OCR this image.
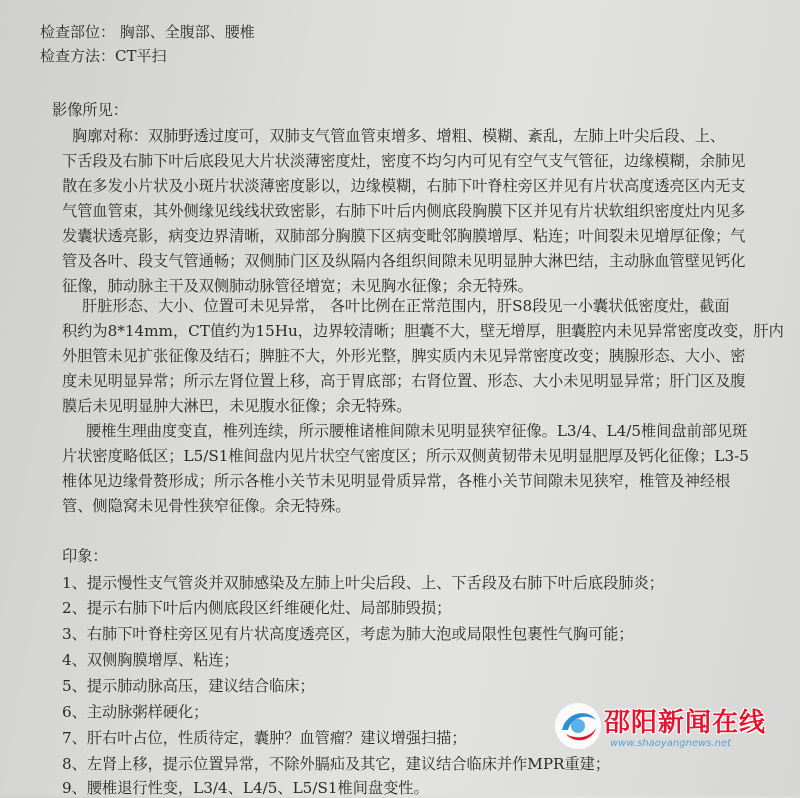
检查部位： 胸部、全腹部、腰椎
检查方法：CT平扫
影像所见：
胸廓对称：双肺野透过度可，双肺支气管血管束增多、增粗、模糊、紊乱，左肺上叶尖后段、上、
下舌段及右肺下叶后底段见大片状淡薄密度灶，密度不均匀内可见有空气支气管征，边缘模糊，余肺见
散在多发小片状及小斑片状淡薄密度影以，边缘模糊，右肺下叶脊柱旁区并见有片状高度透亮区内无支
气管血管束，其外侧缘见线线状致密影，右肺下叶后内侧底段胸膜下区并见有片状软组织密度灶内见多
发囊状透亮影，病变边界清晰，双肺部分胸膜下区病变毗邻胸膜增厚、粘连；叶间裂未见增厚征像；气
管及各叶、段支气管通畅；双侧肺门区及纵隔内各组织间隙未见明显肿大淋巴结，主动脉血管壁见钙化
征像，肺动脉主干及双侧肺动脉管径增宽；未见胸水征像；余无特殊。
肝脏形态、大小、位置可未见异常， 各叶比例在正常范围内，肝S8段见一小囊状低密度灶，截面
积约为8*14mm，CT值约为15Hu，边界较清晰；胆囊不大，壁无增厚，胆囊腔内未见异常密度改变，肝内
外胆管未见扩张征像及结石；脾脏不大，外形光整，脾实质内未见异常密度改变；胰腺形态、大小、密
度未见明显异常；所示左肾位置上移，高于胃底部；右肾位置、形态、大小未见明显异常；肝门区及腹
膜后未见明显肿大淋巴，未见腹水征像；余无特殊。
腰椎生理曲度变直，椎列连续，所示腰椎诸椎间隙未见明显狭窄征像。L3/4、L4/5椎间盘前部见斑
片状密度略低区；L5/S1椎间盘内见片状空气密度区；所示双侧黄韧带未见明显肥厚及钙化征像；L3-5
椎体见边缘骨赘形成；所示各椎小关节未见明显骨质异常，各椎小关节间隙未见狭窄，椎管及神经根
管、侧隐窝未见骨性狭窄征像。余无特殊。
印象：
1、提示慢性支气管炎并双肺感染及左肺上叶尖后段、上、下舌段及右肺下叶后底段肺炎；
2、提示右肺下叶后内侧底段区纤维硬化灶、局部肺毁损；
3、右肺下叶脊柱旁区见有片状高度透亮区，考虑为肺大泡或局限性包裹性气胸可能；
4、双侧胸膜增厚、粘连；
5、提示肺动脉高压，建议结合临床；
6、主动脉粥样硬化；
7、肝右叶占位，性质待定，囊肿？血管瘤？建议增强扫描；
8、左肾上移，提示位置异常，不除外膈疝及其它，建议结合临床并作MPR重建；
9、腰椎退行性变，L3/4、L4/5、L5/S1椎间盘变性。
邵阳新闻在线
www.shaoyangnews.net
